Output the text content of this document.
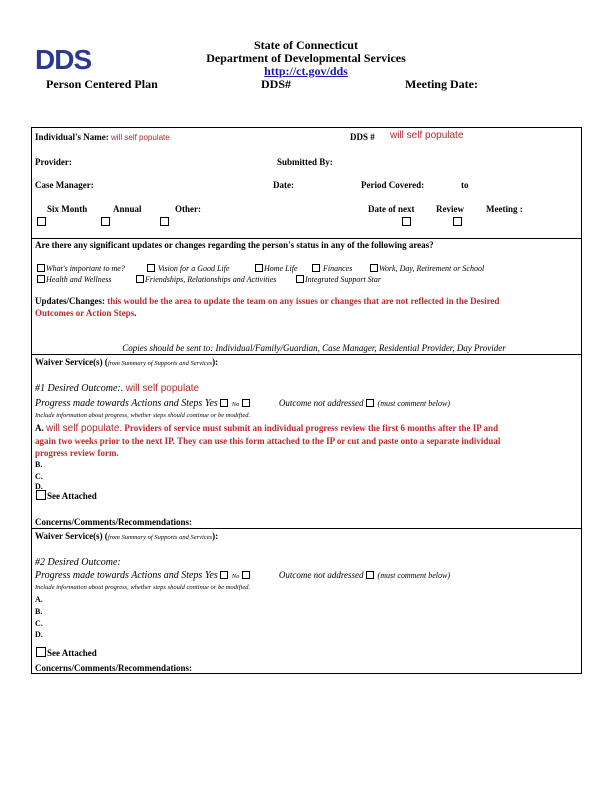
DDS	State of Connecticut
Department of Developmental Services
http://ct.gov/dds
Person Centered Plan	DDS#	Meeting Date:
Individual's Name: will self populate	DDS # will self populate
Provider:	Submitted By:
Case Manager:	Date:	Period Covered:	to
Six Month	Annual	Other:	Date of next Review Meeting :
Are there any significant updates or changes regarding the person's status in any of the following areas?
What's important to me?	Vision for a Good Life	Home Life	Finances	Work, Day, Retirement or School
Health and Wellness	Friendships, Relationships and Activities	Integrated Support Star
Updates/Changes: this would be the area to update the team on any issues or changes that are not reflected in the Desired
Outcomes or Action Steps.
Copies should be sent to: Individual/Family/Guardian, Case Manager, Residential Provider, Day Provider
Waiver Service(s) (from Summary of Supports and Services):
#1 Desired Outcome:. will self populate
Progress made towards Actions and Steps Yes No	Outcome not addressed (must comment below)
Include information about progress, whether steps should continue or be modified.
A. will self populate. Providers of service must submit an individual progress review the first 6 months after the IP and
again two weeks prior to the next IP. They can use this form attached to the IP or cut and paste onto a separate individual
progress review form.
B.
C.
D.
See Attached
Concerns/Comments/Recommendations:
Waiver Service(s) (from Summary of Supports and Services):
#2 Desired Outcome:
Progress made towards Actions and Steps Yes No	Outcome not addressed (must comment below)
Include information about progress, whether steps should continue or be modified.
A.
B.
C.
D.
See Attached
Concerns/Comments/Recommendations:
